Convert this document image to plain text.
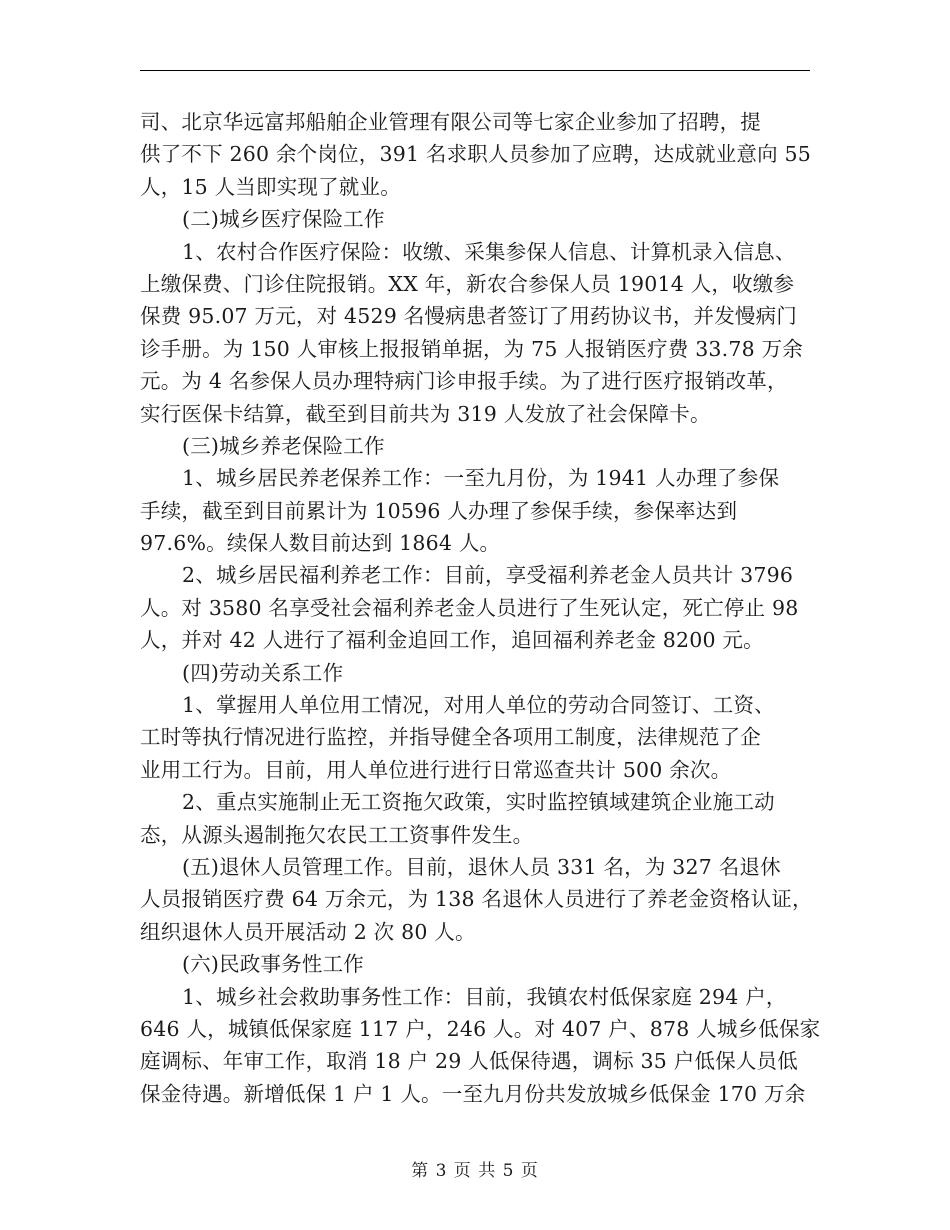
司、北京华远富邦船舶企业管理有限公司等七家企业参加了招聘，提
供了不下 260 余个岗位，391 名求职人员参加了应聘，达成就业意向 55
人，15 人当即实现了就业。
(二)城乡医疗保险工作
1、农村合作医疗保险：收缴、采集参保人信息、计算机录入信息、
上缴保费、门诊住院报销。XX 年，新农合参保人员 19014 人，收缴参
保费 95.07 万元，对 4529 名慢病患者签订了用药协议书，并发慢病门
诊手册。为 150 人审核上报报销单据，为 75 人报销医疗费 33.78 万余
元。为 4 名参保人员办理特病门诊申报手续。为了进行医疗报销改革，
实行医保卡结算，截至到目前共为 319 人发放了社会保障卡。
(三)城乡养老保险工作
1、城乡居民养老保养工作：一至九月份，为 1941 人办理了参保
手续，截至到目前累计为 10596 人办理了参保手续，参保率达到
97.6%。续保人数目前达到 1864 人。
2、城乡居民福利养老工作：目前，享受福利养老金人员共计 3796
人。对 3580 名享受社会福利养老金人员进行了生死认定，死亡停止 98
人，并对 42 人进行了福利金追回工作，追回福利养老金 8200 元。
(四)劳动关系工作
1、掌握用人单位用工情况，对用人单位的劳动合同签订、工资、
工时等执行情况进行监控，并指导健全各项用工制度，法律规范了企
业用工行为。目前，用人单位进行进行日常巡查共计 500 余次。
2、重点实施制止无工资拖欠政策，实时监控镇域建筑企业施工动
态，从源头遏制拖欠农民工工资事件发生。
(五)退休人员管理工作。目前，退休人员 331 名，为 327 名退休
人员报销医疗费 64 万余元，为 138 名退休人员进行了养老金资格认证，
组织退休人员开展活动 2 次 80 人。
(六)民政事务性工作
1、城乡社会救助事务性工作：目前，我镇农村低保家庭 294 户，
646 人，城镇低保家庭 117 户，246 人。对 407 户、878 人城乡低保家
庭调标、年审工作，取消 18 户 29 人低保待遇，调标 35 户低保人员低
保金待遇。新增低保 1 户 1 人。一至九月份共发放城乡低保金 170 万余
第 3 页 共 5 页
